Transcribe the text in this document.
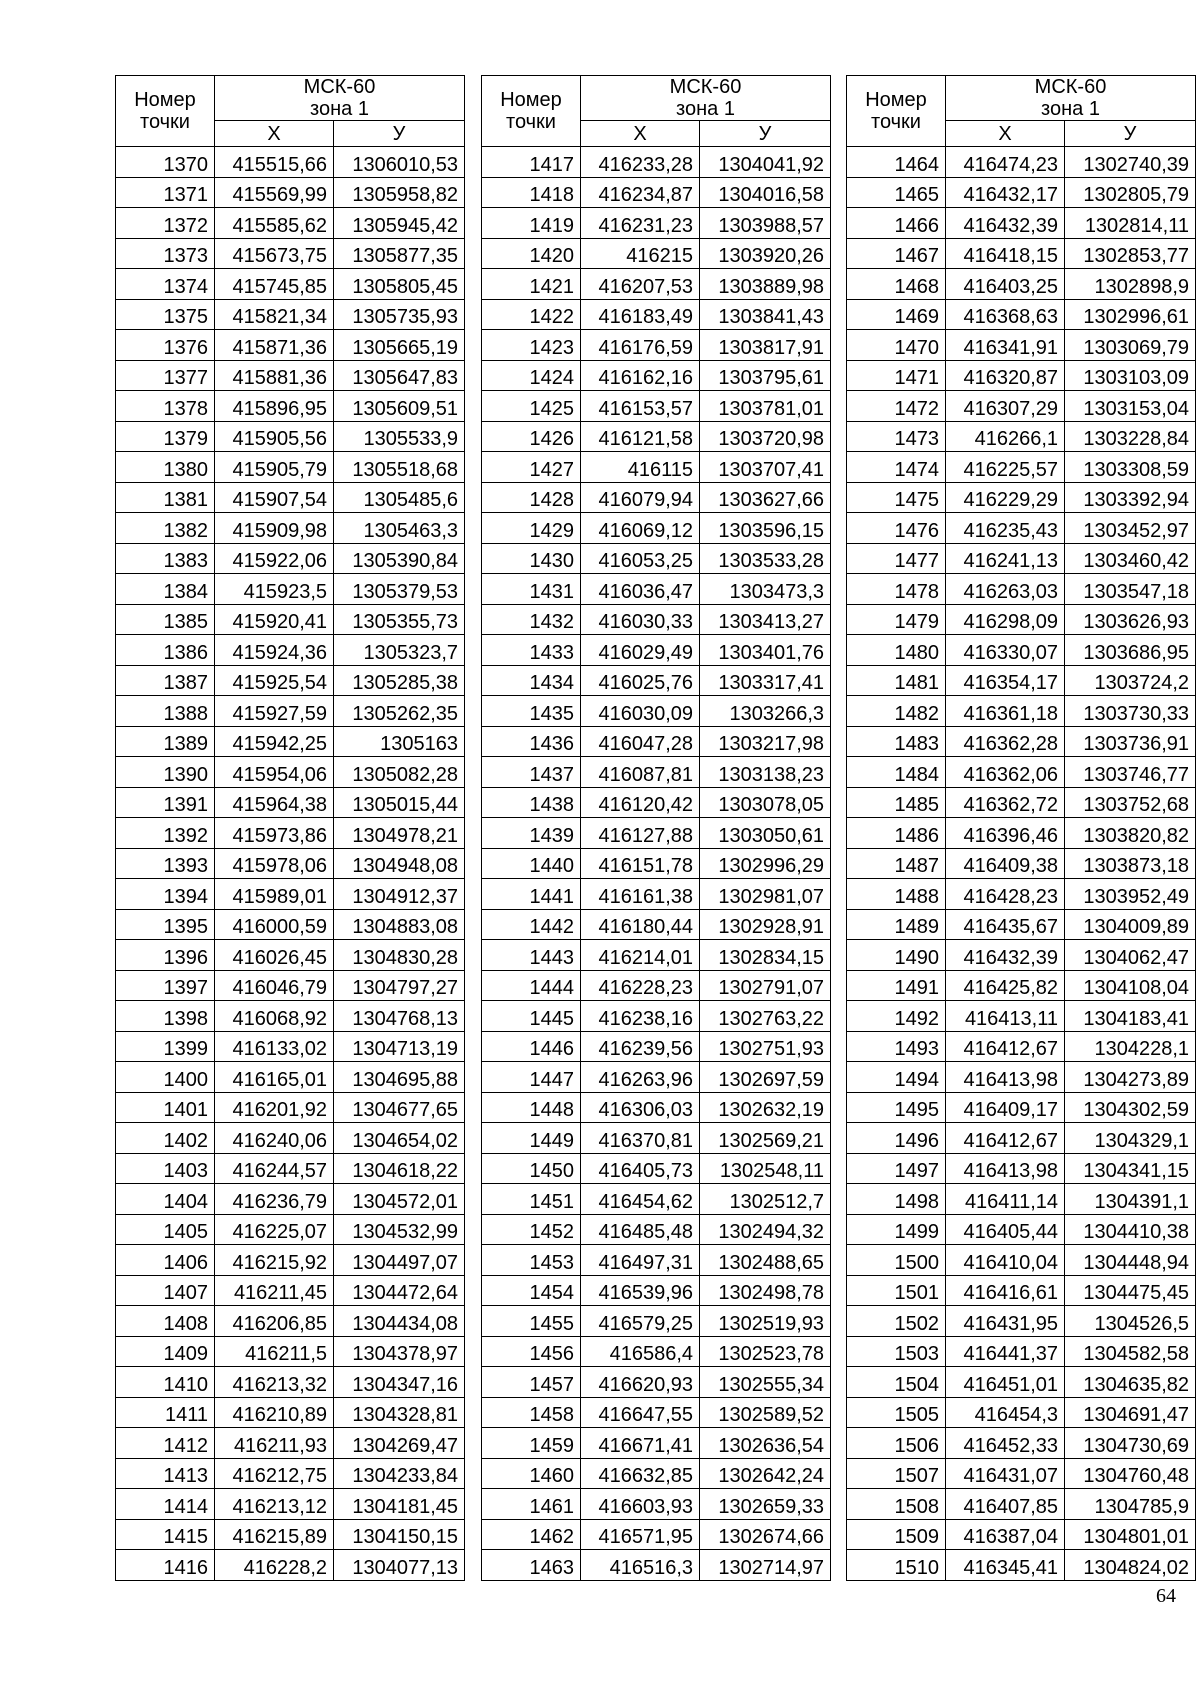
Номер
точки	МСК-60
зона 1	
	Х	У
1370	415515,66	1306010,53
1371	415569,99	1305958,82
1372	415585,62	1305945,42
1373	415673,75	1305877,35
1374	415745,85	1305805,45
1375	415821,34	1305735,93
1376	415871,36	1305665,19
1377	415881,36	1305647,83
1378	415896,95	1305609,51
1379	415905,56	1305533,9
1380	415905,79	1305518,68
1381	415907,54	1305485,6
1382	415909,98	1305463,3
1383	415922,06	1305390,84
1384	415923,5	1305379,53
1385	415920,41	1305355,73
1386	415924,36	1305323,7
1387	415925,54	1305285,38
1388	415927,59	1305262,35
1389	415942,25	1305163
1390	415954,06	1305082,28
1391	415964,38	1305015,44
1392	415973,86	1304978,21
1393	415978,06	1304948,08
1394	415989,01	1304912,37
1395	416000,59	1304883,08
1396	416026,45	1304830,28
1397	416046,79	1304797,27
1398	416068,92	1304768,13
1399	416133,02	1304713,19
1400	416165,01	1304695,88
1401	416201,92	1304677,65
1402	416240,06	1304654,02
1403	416244,57	1304618,22
1404	416236,79	1304572,01
1405	416225,07	1304532,99
1406	416215,92	1304497,07
1407	416211,45	1304472,64
1408	416206,85	1304434,08
1409	416211,5	1304378,97
1410	416213,32	1304347,16
1411	416210,89	1304328,81
1412	416211,93	1304269,47
1413	416212,75	1304233,84
1414	416213,12	1304181,45
1415	416215,89	1304150,15
1416	416228,2	1304077,13
Номер
точки	МСК-60
зона 1	
	Х	У
1417	416233,28	1304041,92
1418	416234,87	1304016,58
1419	416231,23	1303988,57
1420	416215	1303920,26
1421	416207,53	1303889,98
1422	416183,49	1303841,43
1423	416176,59	1303817,91
1424	416162,16	1303795,61
1425	416153,57	1303781,01
1426	416121,58	1303720,98
1427	416115	1303707,41
1428	416079,94	1303627,66
1429	416069,12	1303596,15
1430	416053,25	1303533,28
1431	416036,47	1303473,3
1432	416030,33	1303413,27
1433	416029,49	1303401,76
1434	416025,76	1303317,41
1435	416030,09	1303266,3
1436	416047,28	1303217,98
1437	416087,81	1303138,23
1438	416120,42	1303078,05
1439	416127,88	1303050,61
1440	416151,78	1302996,29
1441	416161,38	1302981,07
1442	416180,44	1302928,91
1443	416214,01	1302834,15
1444	416228,23	1302791,07
1445	416238,16	1302763,22
1446	416239,56	1302751,93
1447	416263,96	1302697,59
1448	416306,03	1302632,19
1449	416370,81	1302569,21
1450	416405,73	1302548,11
1451	416454,62	1302512,7
1452	416485,48	1302494,32
1453	416497,31	1302488,65
1454	416539,96	1302498,78
1455	416579,25	1302519,93
1456	416586,4	1302523,78
1457	416620,93	1302555,34
1458	416647,55	1302589,52
1459	416671,41	1302636,54
1460	416632,85	1302642,24
1461	416603,93	1302659,33
1462	416571,95	1302674,66
1463	416516,3	1302714,97
Номер
точки	МСК-60
зона 1	
	Х	У
1464	416474,23	1302740,39
1465	416432,17	1302805,79
1466	416432,39	1302814,11
1467	416418,15	1302853,77
1468	416403,25	1302898,9
1469	416368,63	1302996,61
1470	416341,91	1303069,79
1471	416320,87	1303103,09
1472	416307,29	1303153,04
1473	416266,1	1303228,84
1474	416225,57	1303308,59
1475	416229,29	1303392,94
1476	416235,43	1303452,97
1477	416241,13	1303460,42
1478	416263,03	1303547,18
1479	416298,09	1303626,93
1480	416330,07	1303686,95
1481	416354,17	1303724,2
1482	416361,18	1303730,33
1483	416362,28	1303736,91
1484	416362,06	1303746,77
1485	416362,72	1303752,68
1486	416396,46	1303820,82
1487	416409,38	1303873,18
1488	416428,23	1303952,49
1489	416435,67	1304009,89
1490	416432,39	1304062,47
1491	416425,82	1304108,04
1492	416413,11	1304183,41
1493	416412,67	1304228,1
1494	416413,98	1304273,89
1495	416409,17	1304302,59
1496	416412,67	1304329,1
1497	416413,98	1304341,15
1498	416411,14	1304391,1
1499	416405,44	1304410,38
1500	416410,04	1304448,94
1501	416416,61	1304475,45
1502	416431,95	1304526,5
1503	416441,37	1304582,58
1504	416451,01	1304635,82
1505	416454,3	1304691,47
1506	416452,33	1304730,69
1507	416431,07	1304760,48
1508	416407,85	1304785,9
1509	416387,04	1304801,01
1510	416345,41	1304824,02
64
